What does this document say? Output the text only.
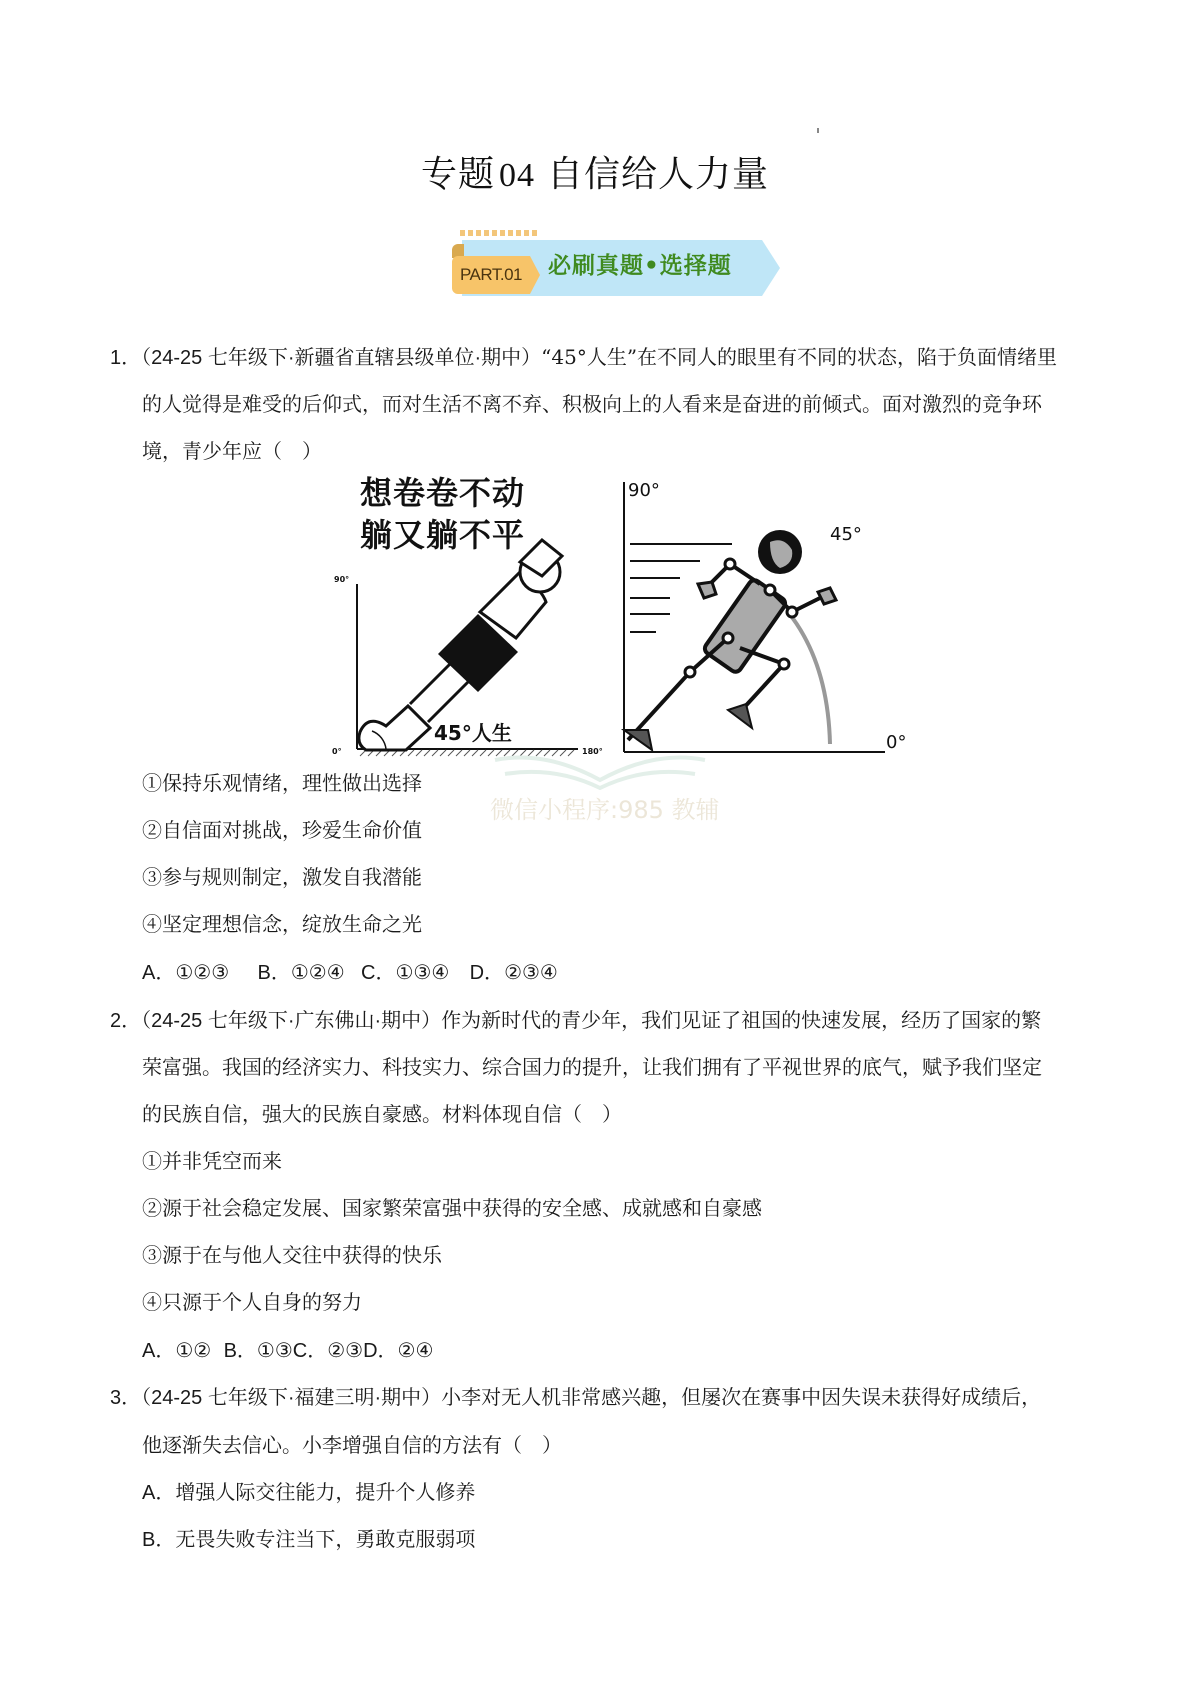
专题 04 自信给人力量
PART.01	必刷真题•选择题
1．（24-25 七年级下·新疆省直辖县级单位·期中）“45°人生”在不同人的眼里有不同的状态，陷于负面情绪里
的人觉得是难受的后仰式，而对生活不离不弃、积极向上的人看来是奋进的前倾式。面对激烈的竞争环
境，青少年应（　）
想卷卷不动
躺又躺不平
90°
0°	180°
45°人生
90°
45°
0°
微信小程序:985 教辅
①保持乐观情绪，理性做出选择
②自信面对挑战，珍爱生命价值
③参与规则制定，激发自我潜能
④坚定理想信念，绽放生命之光
A．①②③ B．①②④ C．①③④ D．②③④
2．（24-25 七年级下·广东佛山·期中）作为新时代的青少年，我们见证了祖国的快速发展，经历了国家的繁
荣富强。我国的经济实力、科技实力、综合国力的提升，让我们拥有了平视世界的底气，赋予我们坚定
的民族自信，强大的民族自豪感。材料体现自信（　）
①并非凭空而来
②源于社会稳定发展、国家繁荣富强中获得的安全感、成就感和自豪感
③源于在与他人交往中获得的快乐
④只源于个人自身的努力
A．①② B．①③C．②③D．②④
3．（24-25 七年级下·福建三明·期中）小李对无人机非常感兴趣，但屡次在赛事中因失误未获得好成绩后，
他逐渐失去信心。小李增强自信的方法有（　）
A．增强人际交往能力，提升个人修养
B．无畏失败专注当下，勇敢克服弱项
